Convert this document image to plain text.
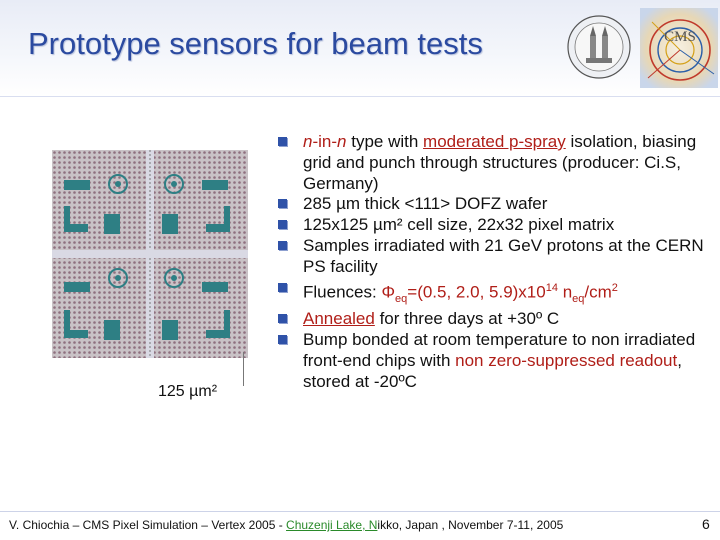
Prototype sensors for beam tests	CMS
125 µm²
n-in-n type with moderated p-spray isolation, biasing grid and punch through structures (producer: Ci.S, Germany)
285 µm thick <111> DOFZ wafer
125x125 µm² cell size, 22x32 pixel matrix
Samples irradiated with 21 GeV protons at the CERN PS facility
Fluences: $\Phi_{eq}=(0.5$, 2.0, $5.9)x10^{14}$ $n_{eq}/cm^2$
Annealed for three days at +30º C
Bump bonded at room temperature to non irradiated front-end chips with non zero-suppressed readout, stored at -20ºC
V. Chiochia – CMS Pixel Simulation – Vertex 2005 - Chuzenji Lake, Nikko, Japan , November 7-11, 2005	6
